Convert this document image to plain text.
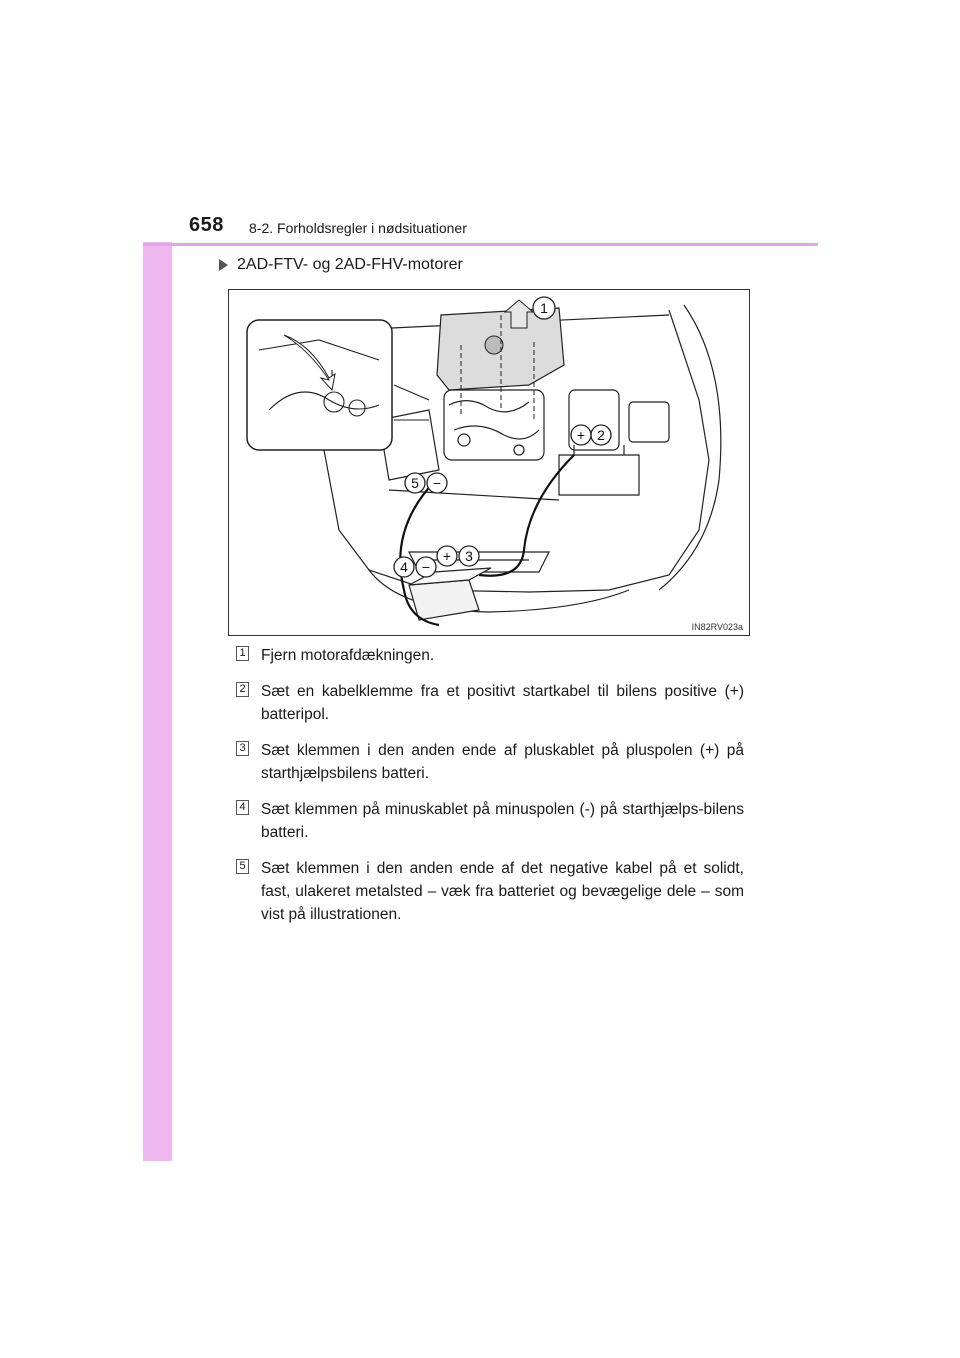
658 8-2. Forholdsregler i nødsituationer
2AD-FTV- og 2AD-FHV-motorer
1
+ 2
+ 3
4 −
5 −
IN82RV023a
1 Fjern motorafdækningen.
2 Sæt en kabelklemme fra et positivt startkabel til bilens positive (+) batteripol.
3 Sæt klemmen i den anden ende af pluskablet på pluspolen (+) på starthjælpsbilens batteri.
4 Sæt klemmen på minuskablet på minuspolen (-) på starthjælps-bilens batteri.
5 Sæt klemmen i den anden ende af det negative kabel på et solidt, fast, ulakeret metalsted – væk fra batteriet og bevægelige dele – som vist på illustrationen.
